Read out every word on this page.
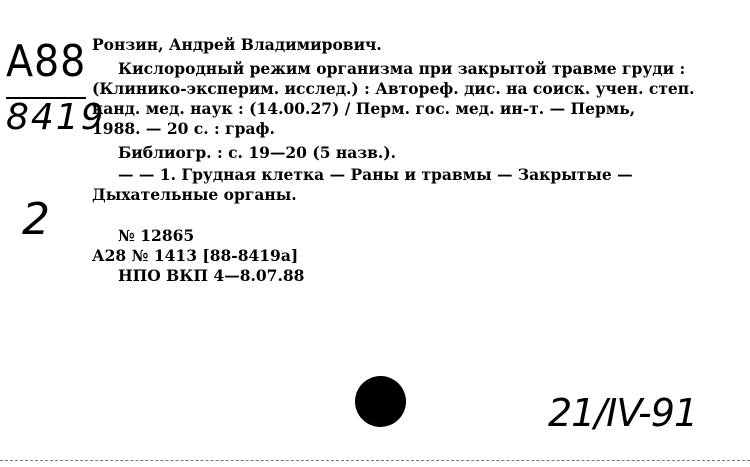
A88
8419
2
Ронзин, Андрей Владимирович.
Кислородный режим организма при закрытой травме груди :
(Клинико-эксперим. исслед.) : Автореф. дис. на соиск. учен. степ.
канд. мед. наук : (14.00.27) / Перм. гос. мед. ин-т. — Пермь,
1988. — 20 с. : граф.
Библиогр. : с. 19—20 (5 назв.).
— — 1. Грудная клетка — Раны и травмы — Закрытые —
Дыхательные органы.
№ 12865
А28 № 1413 [88-8419а]
НПО ВКП 4—8.07.88
21/IV-91
